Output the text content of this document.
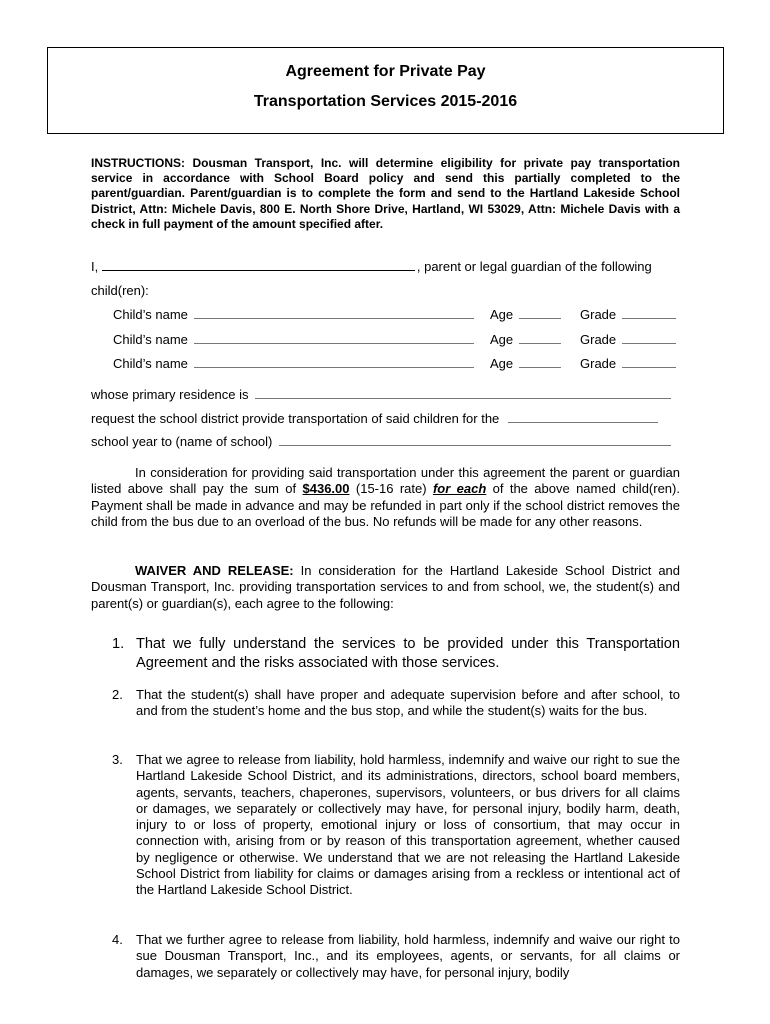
Agreement for Private Pay
Transportation Services 2015-2016
INSTRUCTIONS: Dousman Transport, Inc. will determine eligibility for private pay transportation service in accordance with School Board policy and send this partially completed to the parent/guardian. Parent/guardian is to complete the form and send to the Hartland Lakeside School District, Attn: Michele Davis, 800 E. North Shore Drive, Hartland, WI 53029, Attn: Michele Davis with a check in full payment of the amount specified after.
I,	, parent or legal guardian of the following
child(ren):
Child’s name	Age	Grade
Child’s name	Age	Grade
Child’s name	Age	Grade
whose primary residence is
request the school district provide transportation of said children for the
school year to (name of school)
In consideration for providing said transportation under this agreement the parent or guardian listed above shall pay the sum of $436.00 (15-16 rate) for each of the above named child(ren). Payment shall be made in advance and may be refunded in part only if the school district removes the child from the bus due to an overload of the bus. No refunds will be made for any other reasons.
WAIVER AND RELEASE: In consideration for the Hartland Lakeside School District and Dousman Transport, Inc. providing transportation services to and from school, we, the student(s) and parent(s) or guardian(s), each agree to the following:
1. That we fully understand the services to be provided under this Transportation Agreement and the risks associated with those services.
2. That the student(s) shall have proper and adequate supervision before and after school, to and from the student’s home and the bus stop, and while the student(s) waits for the bus.
3. That we agree to release from liability, hold harmless, indemnify and waive our right to sue the Hartland Lakeside School District, and its administrations, directors, school board members, agents, servants, teachers, chaperones, supervisors, volunteers, or bus drivers for all claims or damages, we separately or collectively may have, for personal injury, bodily harm, death, injury to or loss of property, emotional injury or loss of consortium, that may occur in connection with, arising from or by reason of this transportation agreement, whether caused by negligence or otherwise. We understand that we are not releasing the Hartland Lakeside School District from liability for claims or damages arising from a reckless or intentional act of the Hartland Lakeside School District.
4. That we further agree to release from liability, hold harmless, indemnify and waive our right to sue Dousman Transport, Inc., and its employees, agents, or servants, for all claims or damages, we separately or collectively may have, for personal injury, bodily
